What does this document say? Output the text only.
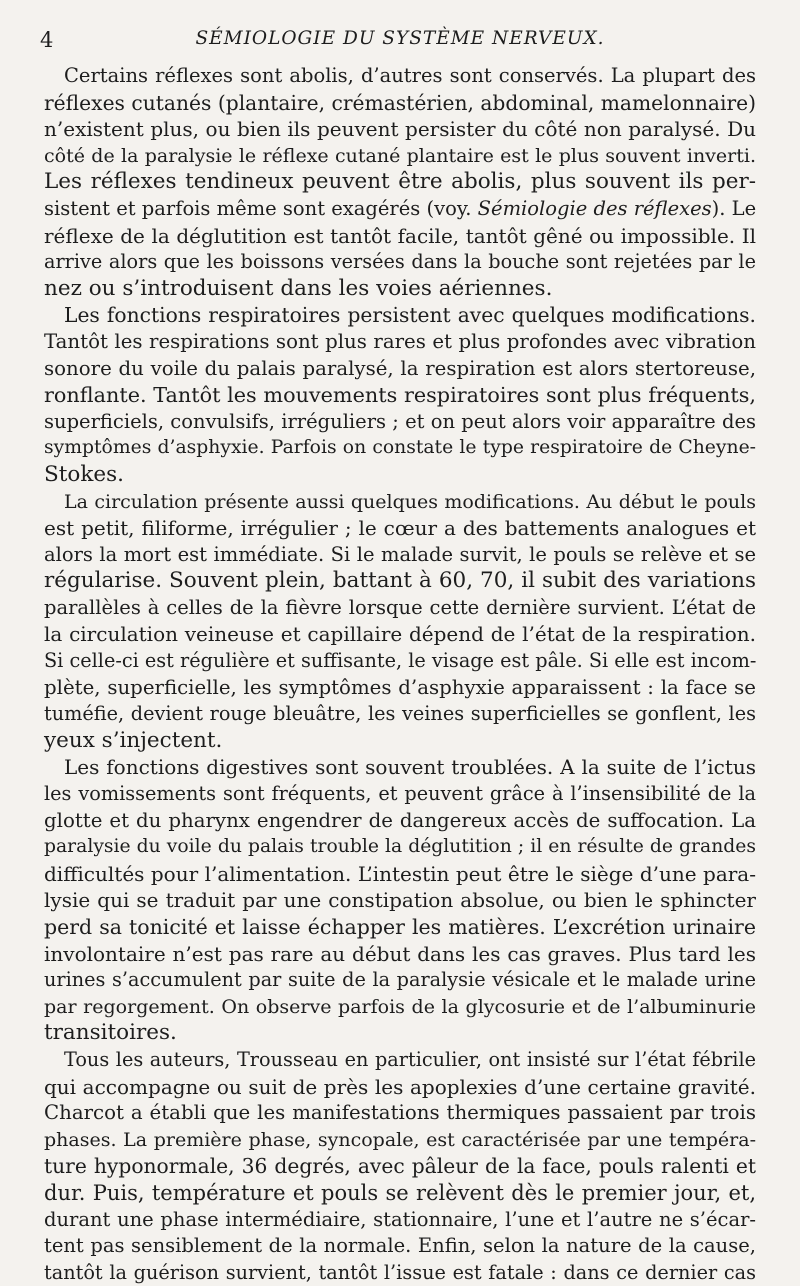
4	SÉMIOLOGIE DU SYSTÈME NERVEUX.
Certains réflexes sont abolis, d’autres sont conservés. La plupart des
réflexes cutanés (plantaire, crémastérien, abdominal, mamelonnaire)
n’existent plus, ou bien ils peuvent persister du côté non paralysé. Du
côté de la paralysie le réflexe cutané plantaire est le plus souvent inverti.
Les réflexes tendineux peuvent être abolis, plus souvent ils per-
sistent et parfois même sont exagérés (voy. Sémiologie des réflexes). Le
réflexe de la déglutition est tantôt facile, tantôt gêné ou impossible. Il
arrive alors que les boissons versées dans la bouche sont rejetées par le
nez ou s’introduisent dans les voies aériennes.
Les fonctions respiratoires persistent avec quelques modifications.
Tantôt les respirations sont plus rares et plus profondes avec vibration
sonore du voile du palais paralysé, la respiration est alors stertoreuse,
ronflante. Tantôt les mouvements respiratoires sont plus fréquents,
superficiels, convulsifs, irréguliers ; et on peut alors voir apparaître des
symptômes d’asphyxie. Parfois on constate le type respiratoire de Cheyne-
Stokes.
La circulation présente aussi quelques modifications. Au début le pouls
est petit, filiforme, irrégulier ; le cœur a des battements analogues et
alors la mort est immédiate. Si le malade survit, le pouls se relève et se
régularise. Souvent plein, battant à 60, 70, il subit des variations
parallèles à celles de la fièvre lorsque cette dernière survient. L’état de
la circulation veineuse et capillaire dépend de l’état de la respiration.
Si celle-ci est régulière et suffisante, le visage est pâle. Si elle est incom-
plète, superficielle, les symptômes d’asphyxie apparaissent : la face se
tuméfie, devient rouge bleuâtre, les veines superficielles se gonflent, les
yeux s’injectent.
Les fonctions digestives sont souvent troublées. A la suite de l’ictus
les vomissements sont fréquents, et peuvent grâce à l’insensibilité de la
glotte et du pharynx engendrer de dangereux accès de suffocation. La
paralysie du voile du palais trouble la déglutition ; il en résulte de grandes
difficultés pour l’alimentation. L’intestin peut être le siège d’une para-
lysie qui se traduit par une constipation absolue, ou bien le sphincter
perd sa tonicité et laisse échapper les matières. L’excrétion urinaire
involontaire n’est pas rare au début dans les cas graves. Plus tard les
urines s’accumulent par suite de la paralysie vésicale et le malade urine
par regorgement. On observe parfois de la glycosurie et de l’albuminurie
transitoires.
Tous les auteurs, Trousseau en particulier, ont insisté sur l’état fébrile
qui accompagne ou suit de près les apoplexies d’une certaine gravité.
Charcot a établi que les manifestations thermiques passaient par trois
phases. La première phase, syncopale, est caractérisée par une tempéra-
ture hyponormale, 36 degrés, avec pâleur de la face, pouls ralenti et
dur. Puis, température et pouls se relèvent dès le premier jour, et,
durant une phase intermédiaire, stationnaire, l’une et l’autre ne s’écar-
tent pas sensiblement de la normale. Enfin, selon la nature de la cause,
tantôt la guérison survient, tantôt l’issue est fatale : dans ce dernier cas
